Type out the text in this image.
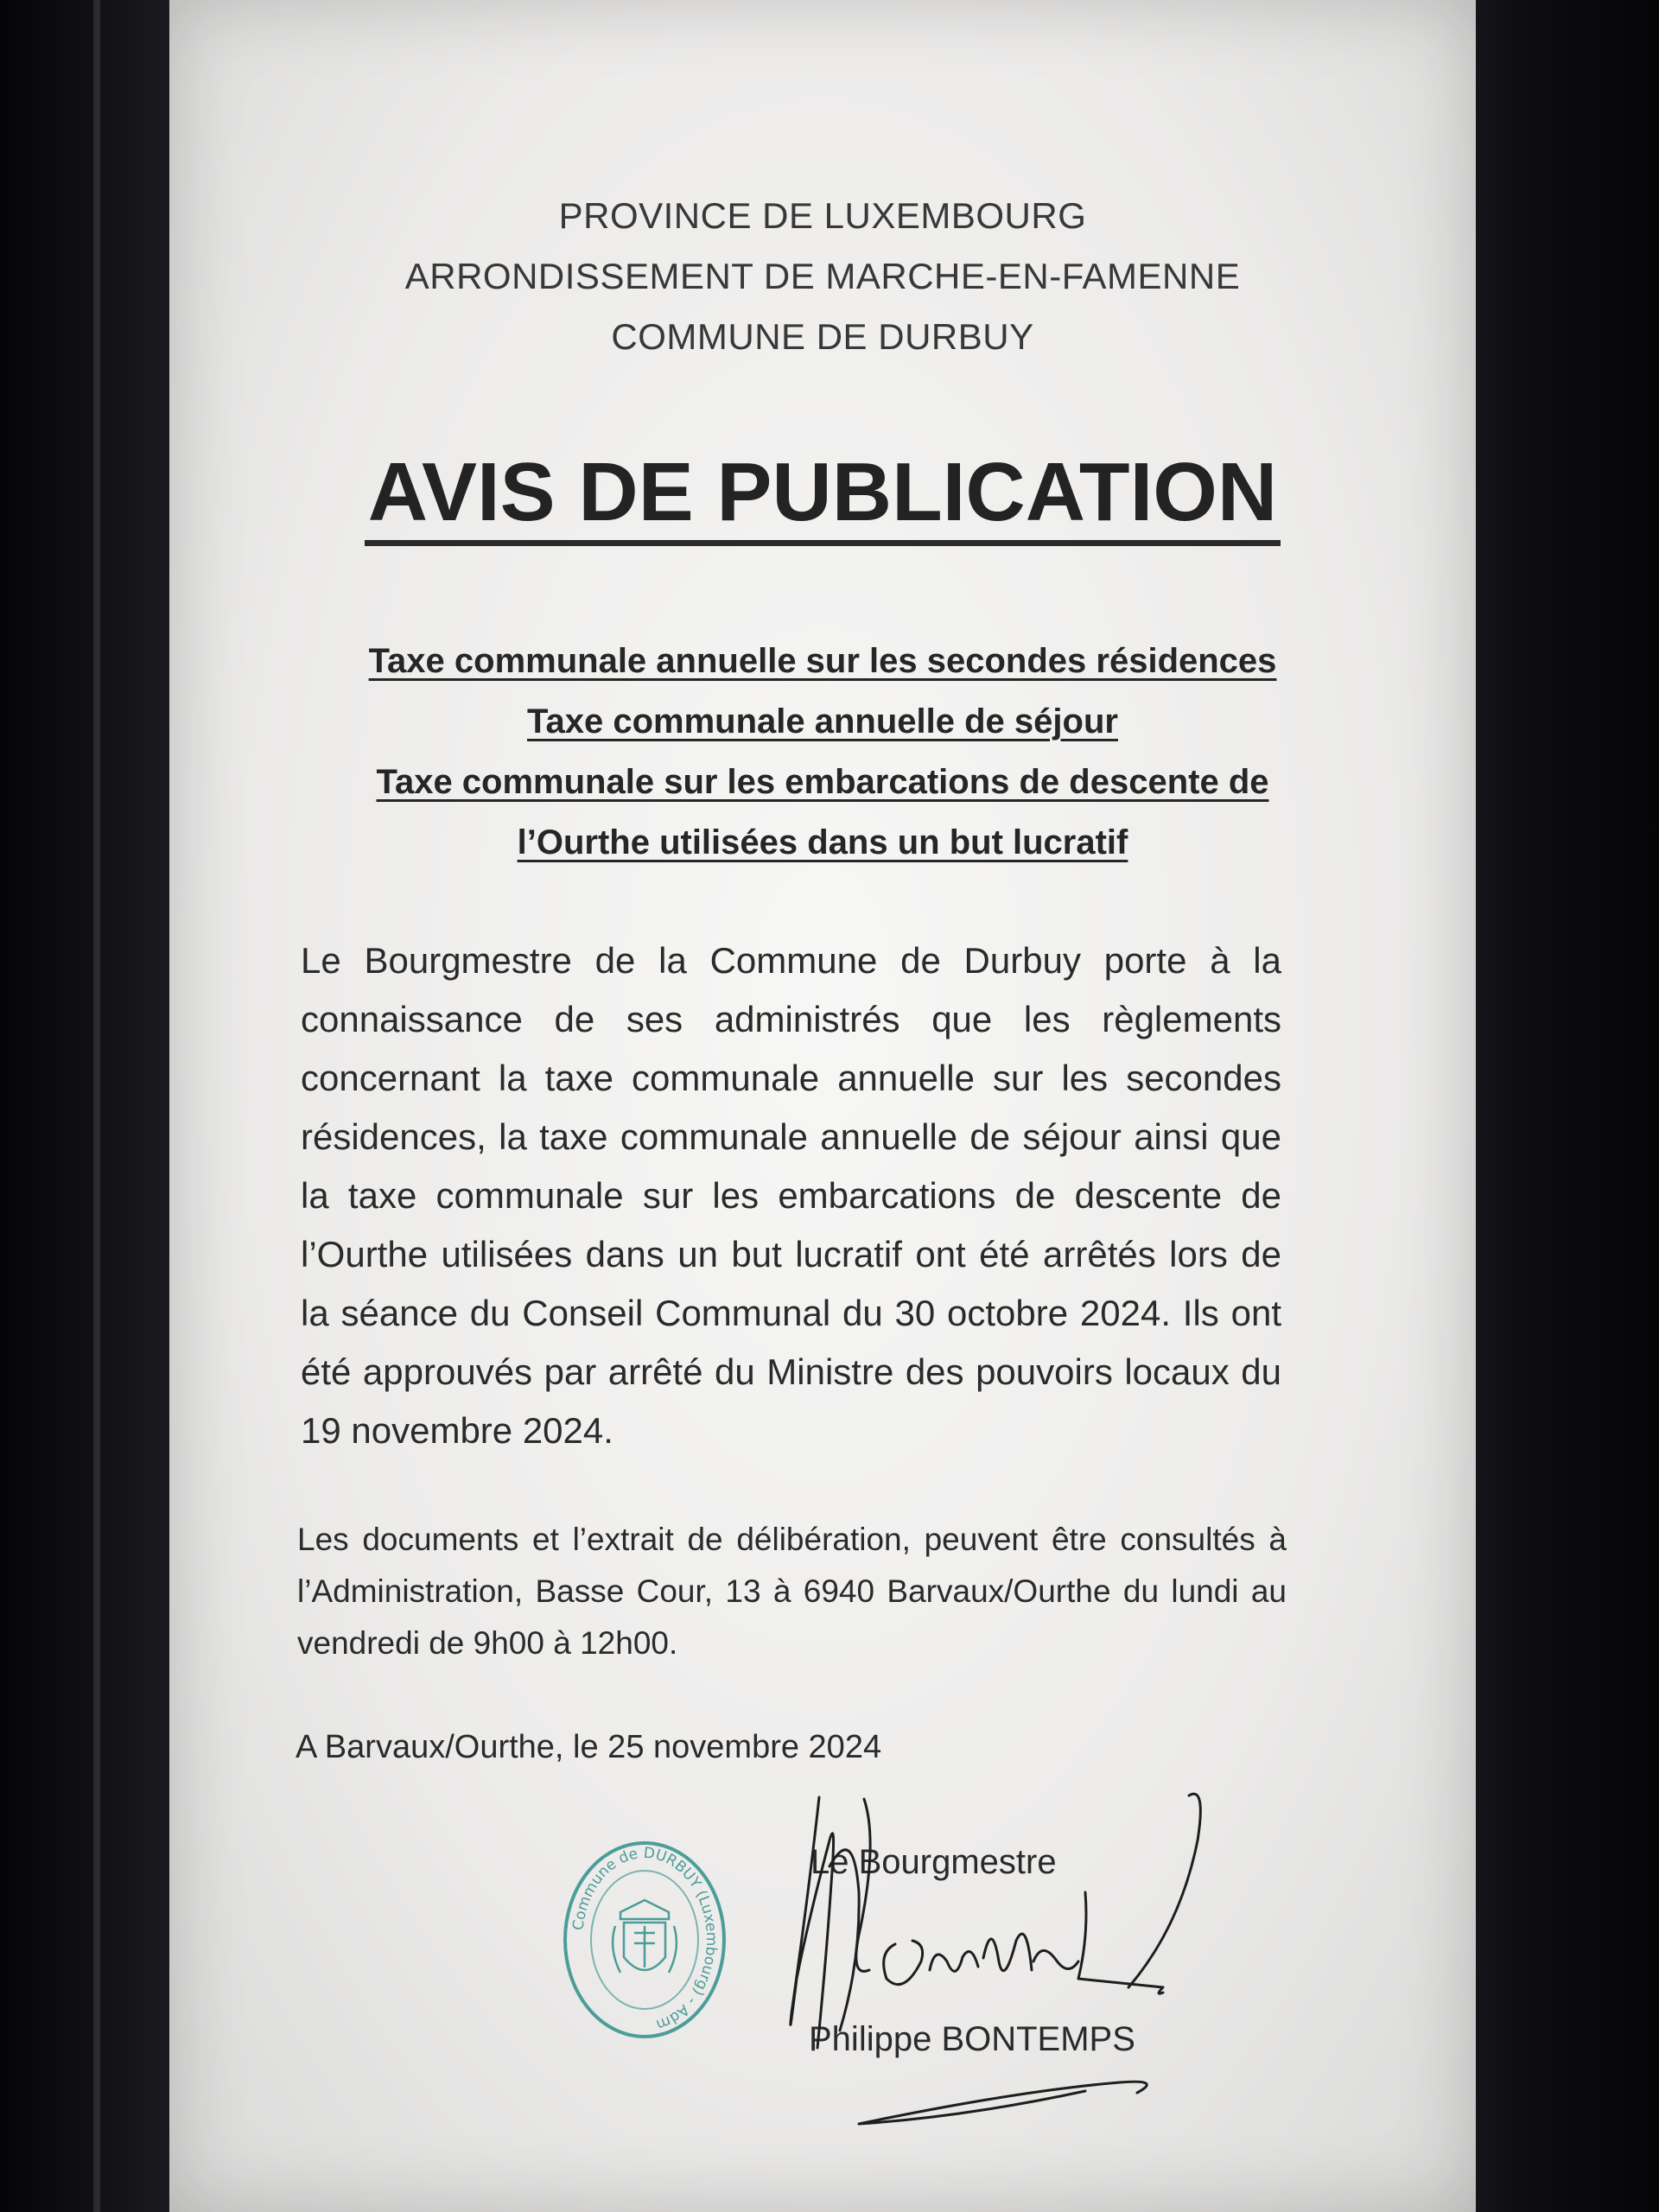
PROVINCE DE LUXEMBOURG
ARRONDISSEMENT DE MARCHE-EN-FAMENNE
COMMUNE DE DURBUY
AVIS DE PUBLICATION
Taxe communale annuelle sur les secondes résidences
Taxe communale annuelle de séjour
Taxe communale sur les embarcations de descente de
l’Ourthe utilisées dans un but lucratif
Le Bourgmestre de la Commune de Durbuy porte à la connaissance de ses administrés que les règlements concernant la taxe communale annuelle sur les secondes résidences, la taxe communale annuelle de séjour ainsi que la taxe communale sur les embarcations de descente de l’Ourthe utilisées dans un but lucratif ont été arrêtés lors de la séance du Conseil Communal du 30 octobre 2024. Ils ont été approuvés par arrêté du Ministre des pouvoirs locaux du 19 novembre 2024.
Les documents et l’extrait de délibération, peuvent être consultés à l’Administration, Basse Cour, 13 à 6940 Barvaux/Ourthe du lundi au vendredi de 9h00 à 12h00.
A Barvaux/Ourthe, le 25 novembre 2024
Commune de DURBUY (Luxembourg) - Adm
Le Bourgmestre
Philippe BONTEMPS
